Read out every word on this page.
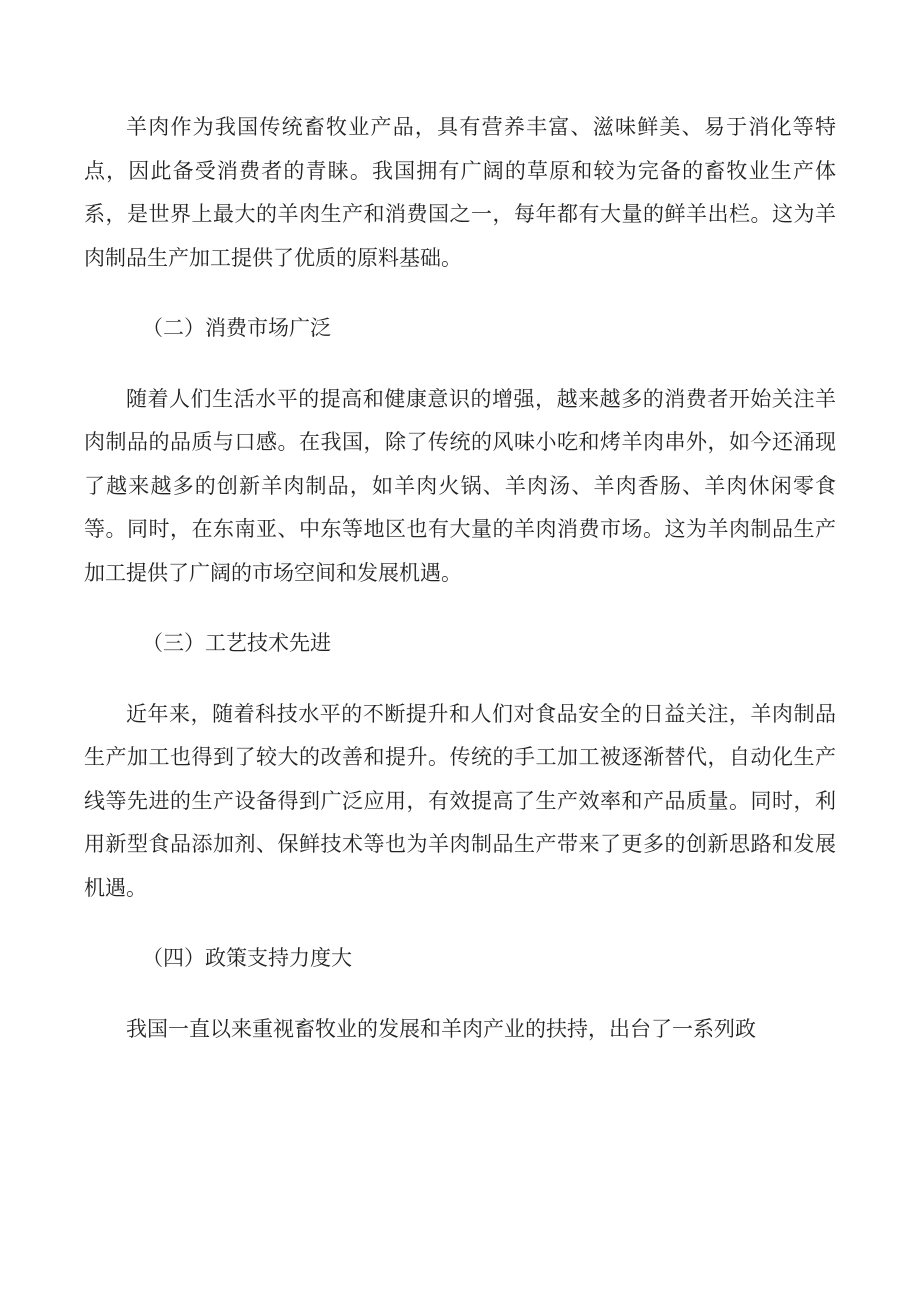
羊肉作为我国传统畜牧业产品，具有营养丰富、滋味鲜美、易于消化等特点，因此备受消费者的青睐。我国拥有广阔的草原和较为完备的畜牧业生产体系，是世界上最大的羊肉生产和消费国之一，每年都有大量的鲜羊出栏。这为羊肉制品生产加工提供了优质的原料基础。

（二）消费市场广泛

随着人们生活水平的提高和健康意识的增强，越来越多的消费者开始关注羊肉制品的品质与口感。在我国，除了传统的风味小吃和烤羊肉串外，如今还涌现了越来越多的创新羊肉制品，如羊肉火锅、羊肉汤、羊肉香肠、羊肉休闲零食等。同时，在东南亚、中东等地区也有大量的羊肉消费市场。这为羊肉制品生产加工提供了广阔的市场空间和发展机遇。

（三）工艺技术先进

近年来，随着科技水平的不断提升和人们对食品安全的日益关注，羊肉制品生产加工也得到了较大的改善和提升。传统的手工加工被逐渐替代，自动化生产线等先进的生产设备得到广泛应用，有效提高了生产效率和产品质量。同时，利用新型食品添加剂、保鲜技术等也为羊肉制品生产带来了更多的创新思路和发展机遇。

（四）政策支持力度大

我国一直以来重视畜牧业的发展和羊肉产业的扶持，出台了一系列政
